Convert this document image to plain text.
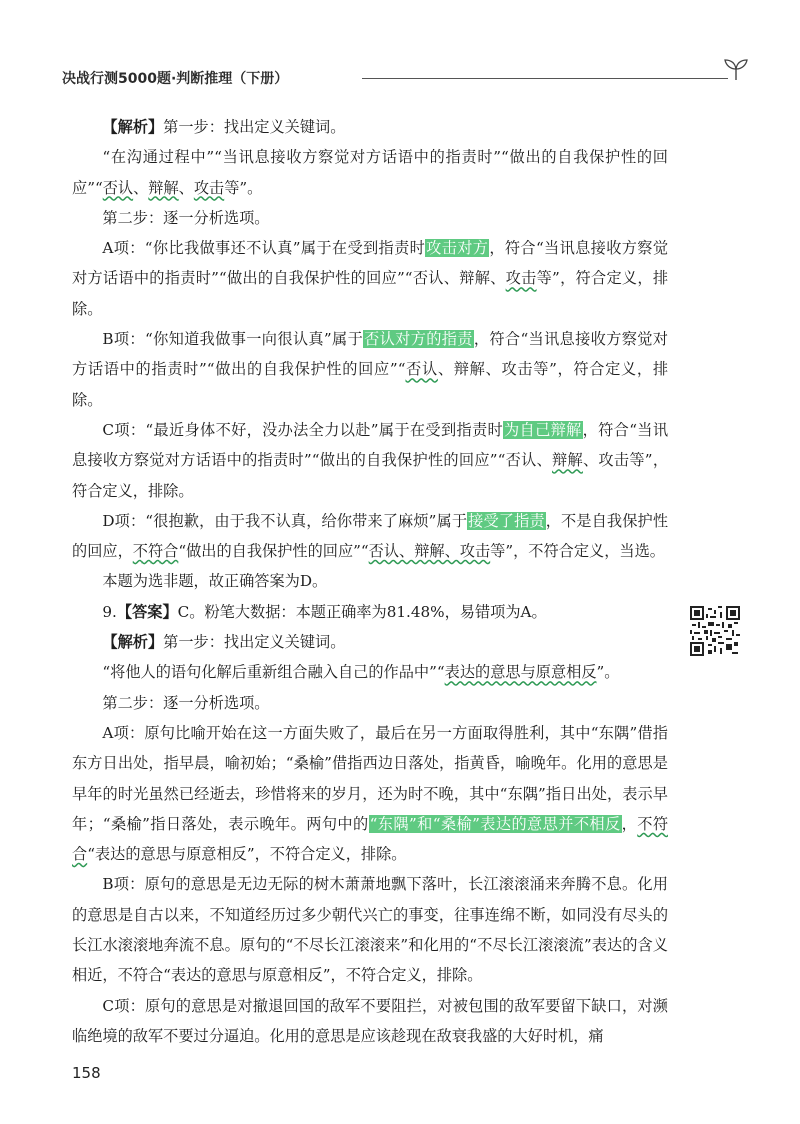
决战行测5000题·判断推理（下册）

【解析】第一步：找出定义关键词。

“在沟通过程中”“当讯息接收方察觉对方话语中的指责时”“做出的自我保护性的回应”“否认、辩解、攻击等”。

第二步：逐一分析选项。

A项：“你比我做事还不认真”属于在受到指责时攻击对方，符合“当讯息接收方察觉对方话语中的指责时”“做出的自我保护性的回应”“否认、辩解、攻击等”，符合定义，排除。

B项：“你知道我做事一向很认真”属于否认对方的指责，符合“当讯息接收方察觉对方话语中的指责时”“做出的自我保护性的回应”“否认、辩解、攻击等”，符合定义，排除。

C项：“最近身体不好，没办法全力以赴”属于在受到指责时为自己辩解，符合“当讯息接收方察觉对方话语中的指责时”“做出的自我保护性的回应”“否认、辩解、攻击等”，符合定义，排除。

D项：“很抱歉，由于我不认真，给你带来了麻烦”属于接受了指责，不是自我保护性的回应，不符合“做出的自我保护性的回应”“否认、辩解、攻击等”，不符合定义，当选。

本题为选非题，故正确答案为D。

9.【答案】C。粉笔大数据：本题正确率为81.48%，易错项为A。

【解析】第一步：找出定义关键词。

“将他人的语句化解后重新组合融入自己的作品中”“表达的意思与原意相反”。

第二步：逐一分析选项。

A项：原句比喻开始在这一方面失败了，最后在另一方面取得胜利，其中“东隅”借指东方日出处，指早晨，喻初始；“桑榆”借指西边日落处，指黄昏，喻晚年。化用的意思是早年的时光虽然已经逝去，珍惜将来的岁月，还为时不晚，其中“东隅”指日出处，表示早年；“桑榆”指日落处，表示晚年。两句中的“东隅”和“桑榆”表达的意思并不相反，不符合“表达的意思与原意相反”，不符合定义，排除。

B项：原句的意思是无边无际的树木萧萧地飘下落叶，长江滚滚涌来奔腾不息。化用的意思是自古以来，不知道经历过多少朝代兴亡的事变，往事连绵不断，如同没有尽头的长江水滚滚地奔流不息。原句的“不尽长江滚滚来”和化用的“不尽长江滚滚流”表达的含义相近，不符合“表达的意思与原意相反”，不符合定义，排除。

C项：原句的意思是对撤退回国的敌军不要阻拦，对被包围的敌军要留下缺口，对濒临绝境的敌军不要过分逼迫。化用的意思是应该趁现在敌衰我盛的大好时机，痛

158
